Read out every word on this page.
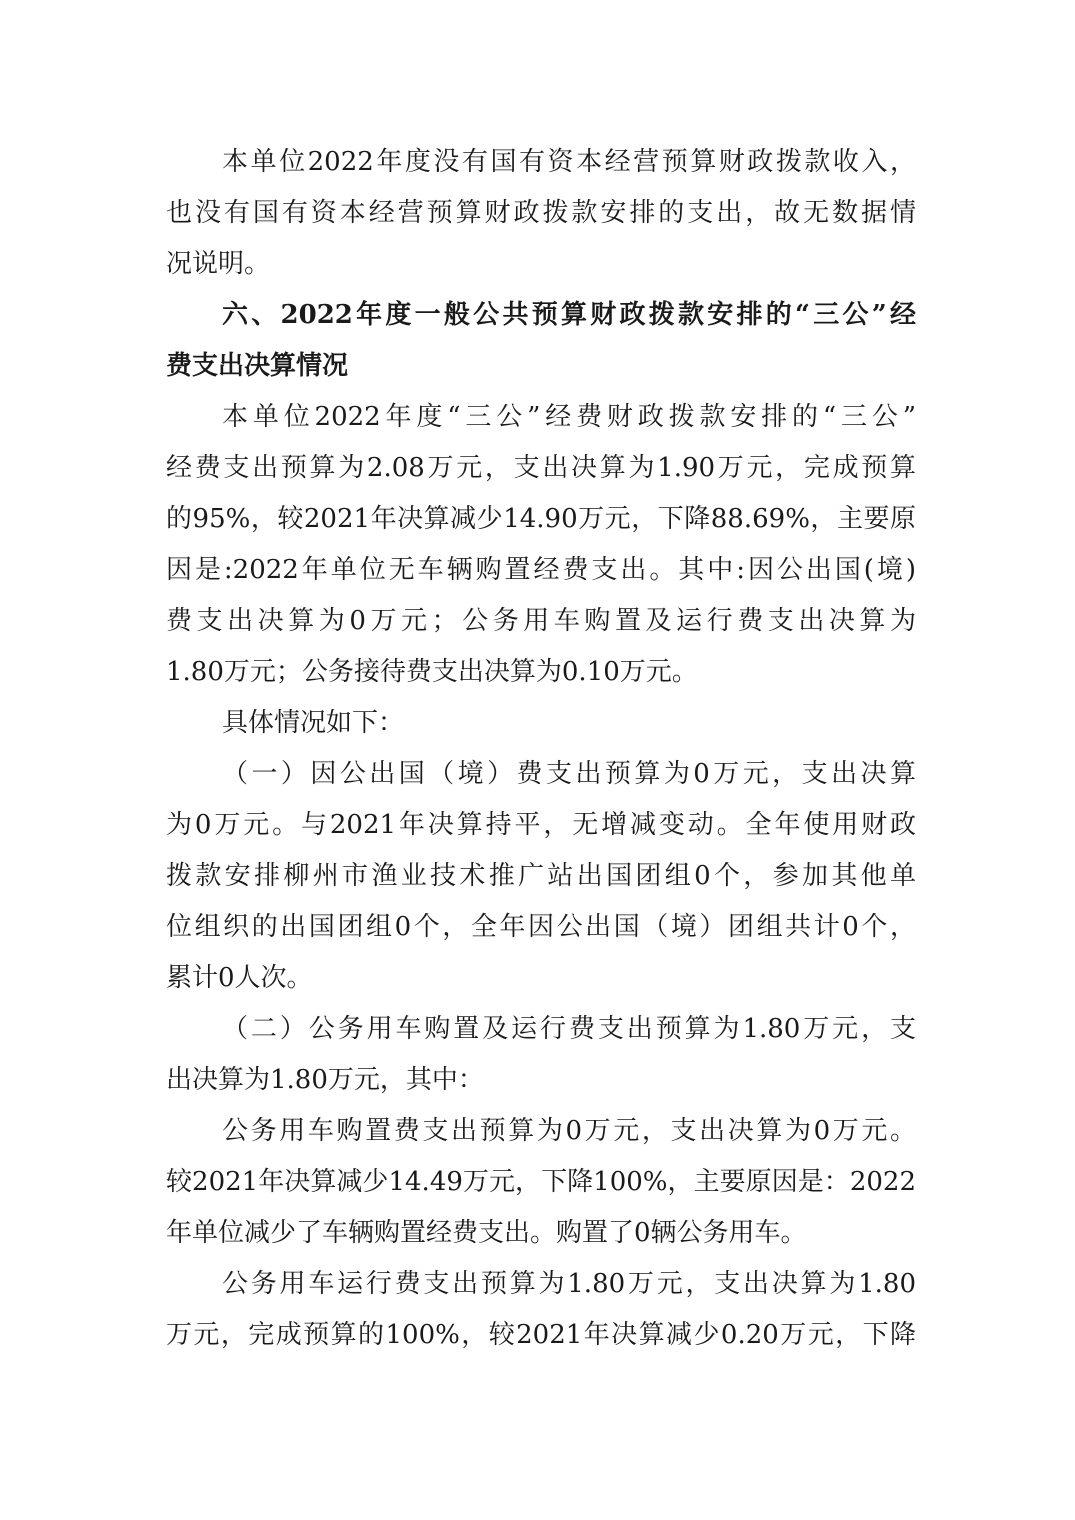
本单位2022年度没有国有资本经营预算财政拨款收入，
也没有国有资本经营预算财政拨款安排的支出，故无数据情
况说明。
六、2022年度一般公共预算财政拨款安排的“三公”经
费支出决算情况
本单位2022年度“三公”经费财政拨款安排的“三公”
经费支出预算为2.08万元，支出决算为1.90万元，完成预算
的95%，较2021年决算减少14.90万元，下降88.69%，主要原
因是:2022年单位无车辆购置经费支出。其中:因公出国(境)
费支出决算为0万元；公务用车购置及运行费支出决算为
1.80万元；公务接待费支出决算为0.10万元。
具体情况如下：
（一）因公出国（境）费支出预算为0万元，支出决算
为0万元。与2021年决算持平，无增减变动。全年使用财政
拨款安排柳州市渔业技术推广站出国团组0个，参加其他单
位组织的出国团组0个，全年因公出国（境）团组共计0个，
累计0人次。
（二）公务用车购置及运行费支出预算为1.80万元，支
出决算为1.80万元，其中：
公务用车购置费支出预算为0万元，支出决算为0万元。
较2021年决算减少14.49万元，下降100%，主要原因是：2022
年单位减少了车辆购置经费支出。购置了0辆公务用车。
公务用车运行费支出预算为1.80万元，支出决算为1.80
万元，完成预算的100%，较2021年决算减少0.20万元，下降
